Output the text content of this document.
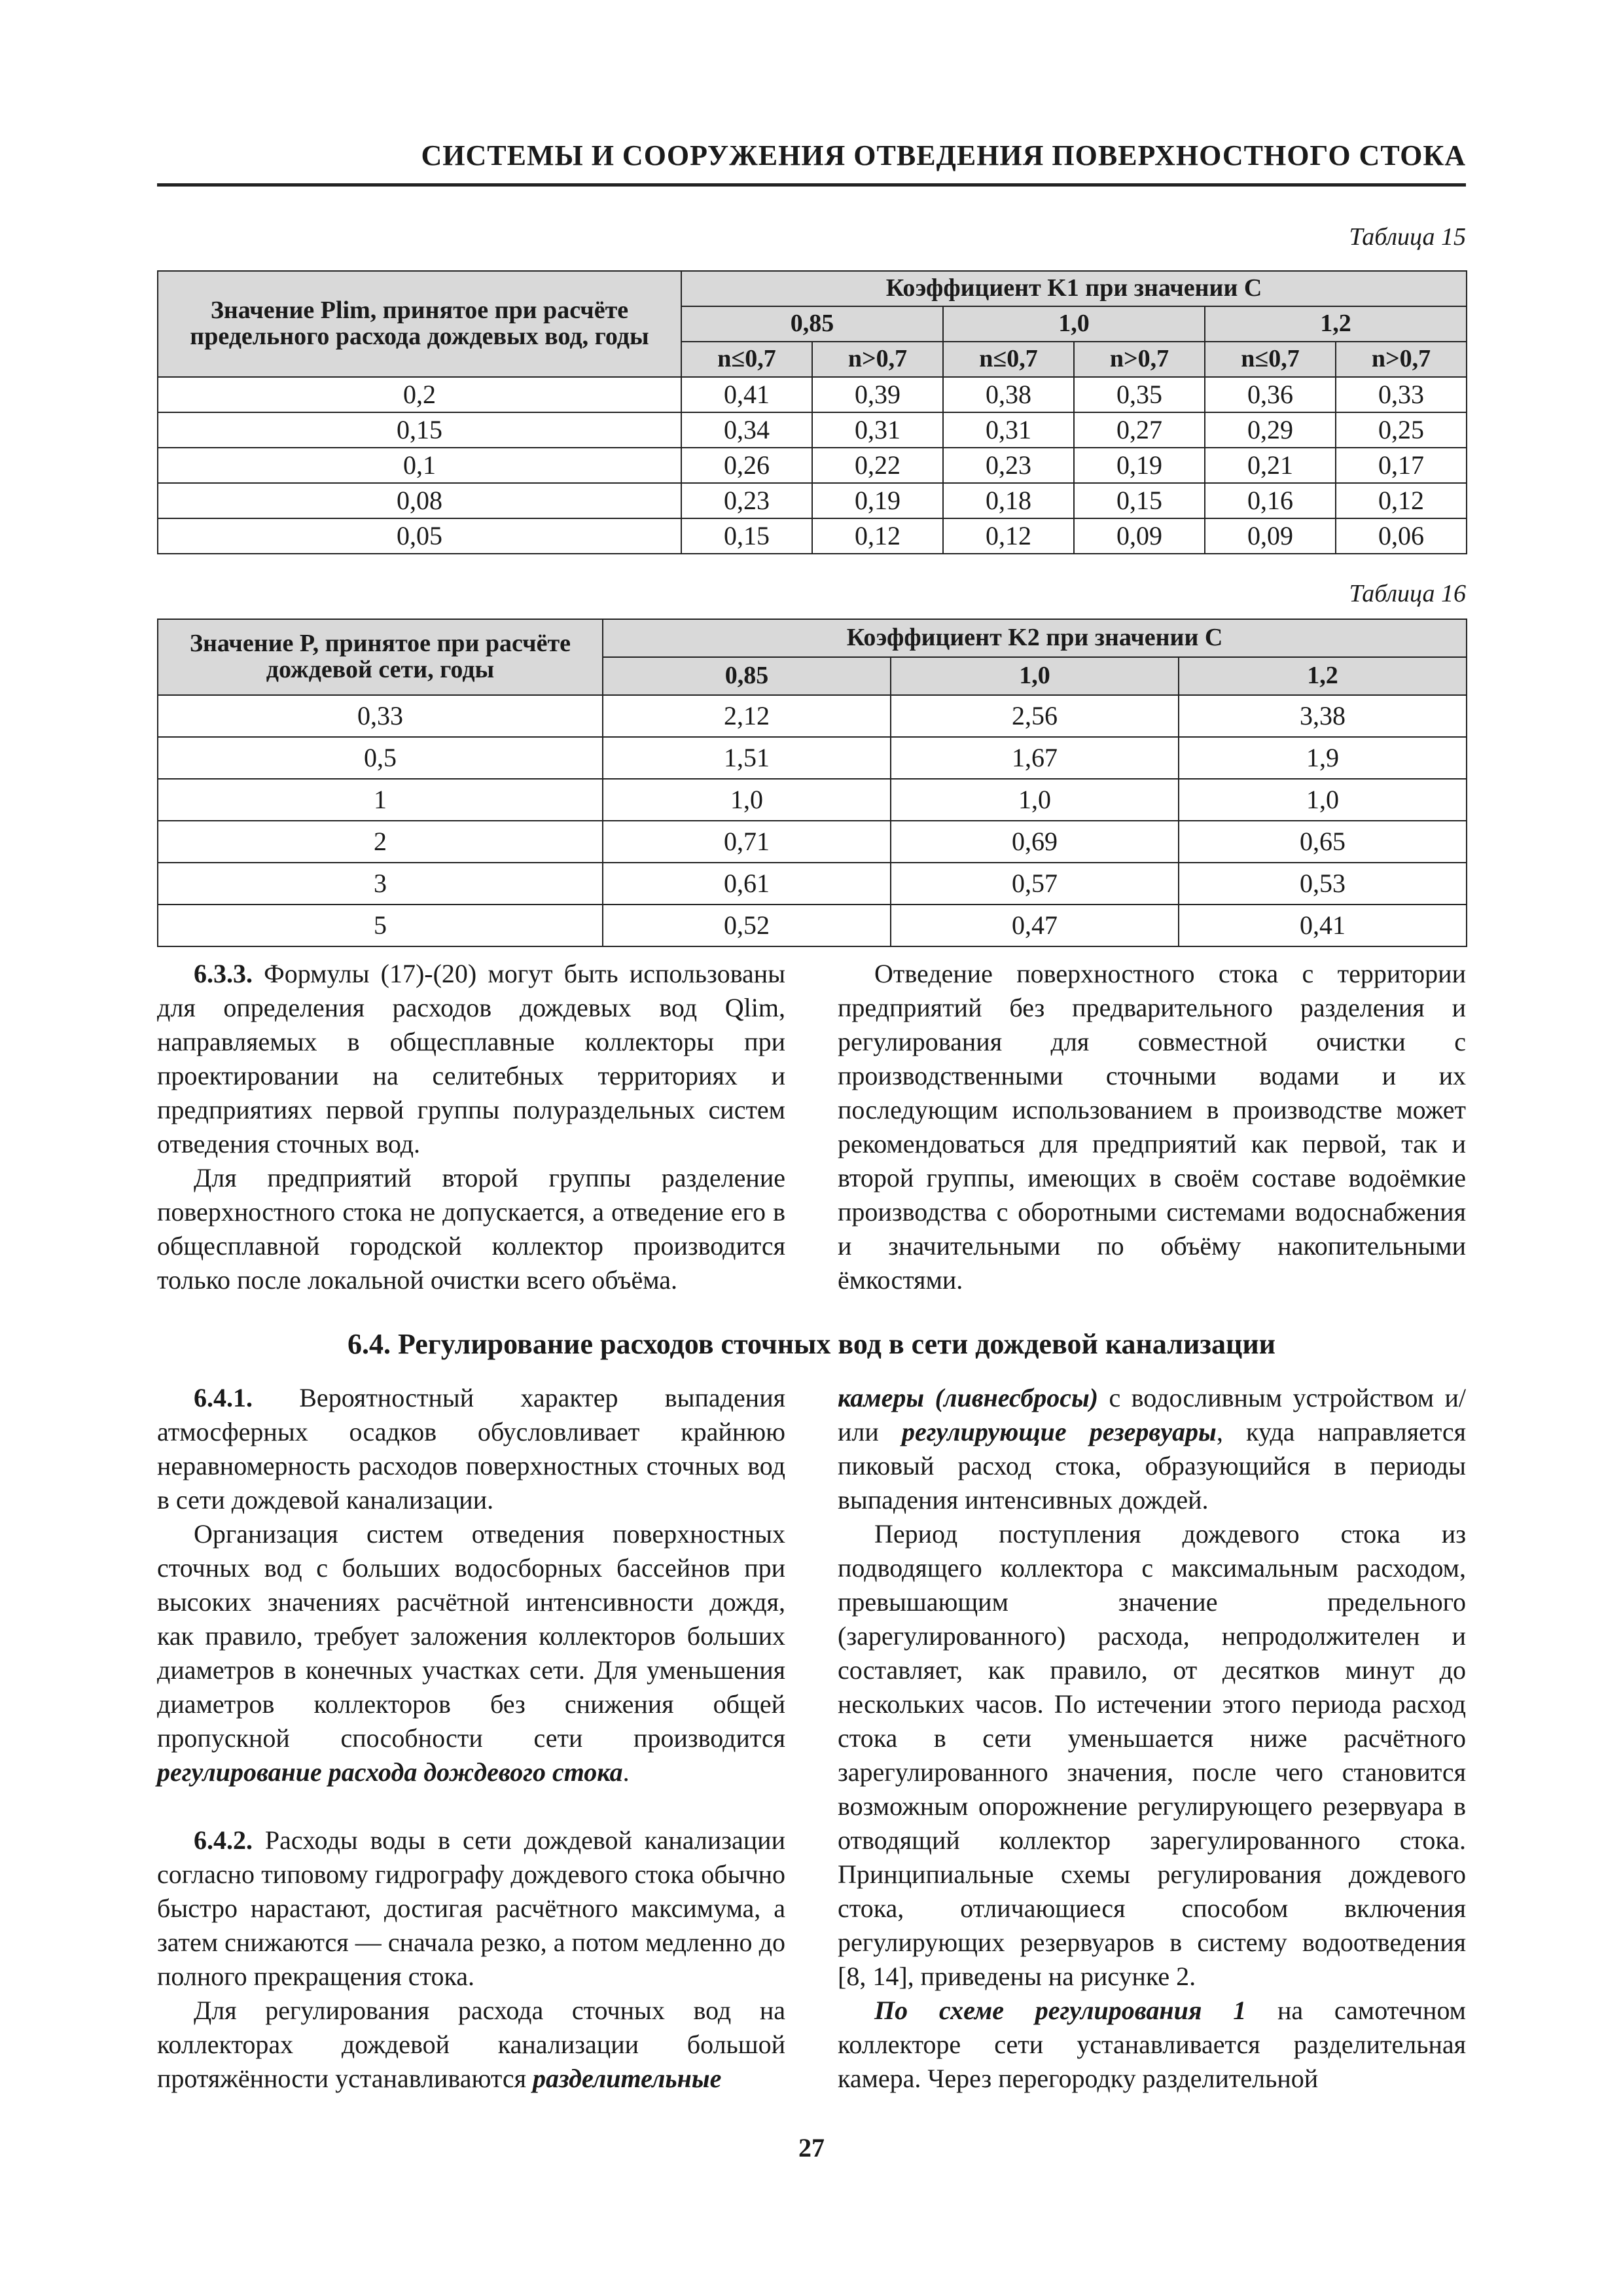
СИСТЕМЫ И СООРУЖЕНИЯ ОТВЕДЕНИЯ ПОВЕРХНОСТНОГО СТОКА
Таблица 15
Значение Plim, принятое при расчёте предельного расхода дождевых вод, годы	Коэффициент K1 при значении C					
	0,85		1,0		1,2	
	n≤0,7	n>0,7	n≤0,7	n>0,7	n≤0,7	n>0,7
0,2	0,41	0,39	0,38	0,35	0,36	0,33
0,15	0,34	0,31	0,31	0,27	0,29	0,25
0,1	0,26	0,22	0,23	0,19	0,21	0,17
0,08	0,23	0,19	0,18	0,15	0,16	0,12
0,05	0,15	0,12	0,12	0,09	0,09	0,06
Таблица 16
Значение P, принятое при расчёте дождевой сети, годы	Коэффициент K2 при значении C		
	0,85	1,0	1,2
0,33	2,12	2,56	3,38
0,5	1,51	1,67	1,9
1	1,0	1,0	1,0
2	0,71	0,69	0,65
3	0,61	0,57	0,53
5	0,52	0,47	0,41

6.3.3. Формулы (17)-(20) могут быть использованы для определения расходов дождевых вод Qlim, направляемых в общесплавные коллекторы при проектировании на селитебных территориях и предприятиях первой группы полураздельных систем отведения сточных вод.

Для предприятий второй группы разделение поверхностного стока не допускается, а отведение его в общесплавной городской коллектор производится только после локальной очистки всего объёма.

Отведение поверхностного стока с территории предприятий без предварительного разделения и регулирования для совместной очистки с производственными сточными водами и их последующим использованием в производстве может рекомендоваться для предприятий как первой, так и второй группы, имеющих в своём составе водоёмкие производства с оборотными системами водоснабжения и значительными по объёму накопительными ёмкостями.

6.4. Регулирование расходов сточных вод в сети дождевой канализации

6.4.1. Вероятностный характер выпадения атмосферных осадков обусловливает крайнюю неравномерность расходов поверхностных сточных вод в сети дождевой канализации.

Организация систем отведения поверхностных сточных вод с больших водосборных бассейнов при высоких значениях расчётной интенсивности дождя, как правило, требует заложения коллекторов больших диаметров в конечных участках сети. Для уменьшения диаметров коллекторов без снижения общей пропускной способности сети производится регулирование расхода дождевого стока.

6.4.2. Расходы воды в сети дождевой канализации согласно типовому гидрографу дождевого стока обычно быстро нарастают, достигая расчётного максимума, а затем снижаются — сначала резко, а потом медленно до полного прекращения стока.

Для регулирования расхода сточных вод на коллекторах дождевой канализации большой протяжённости устанавливаются разделительные

камеры (ливнесбросы) с водосливным устройством и/или регулирующие резервуары, куда направляется пиковый расход стока, образующийся в периоды выпадения интенсивных дождей.

Период поступления дождевого стока из подводящего коллектора с максимальным расходом, превышающим значение предельного (зарегулированного) расхода, непродолжителен и составляет, как правило, от десятков минут до нескольких часов. По истечении этого периода расход стока в сети уменьшается ниже расчётного зарегулированного значения, после чего становится возможным опорожнение регулирующего резервуара в отводящий коллектор зарегулированного стока. Принципиальные схемы регулирования дождевого стока, отличающиеся способом включения регулирующих резервуаров в систему водоотведения [8, 14], приведены на рисунке 2.

По схеме регулирования 1 на самотечном коллекторе сети устанавливается разделительная камера. Через перегородку разделительной

27
